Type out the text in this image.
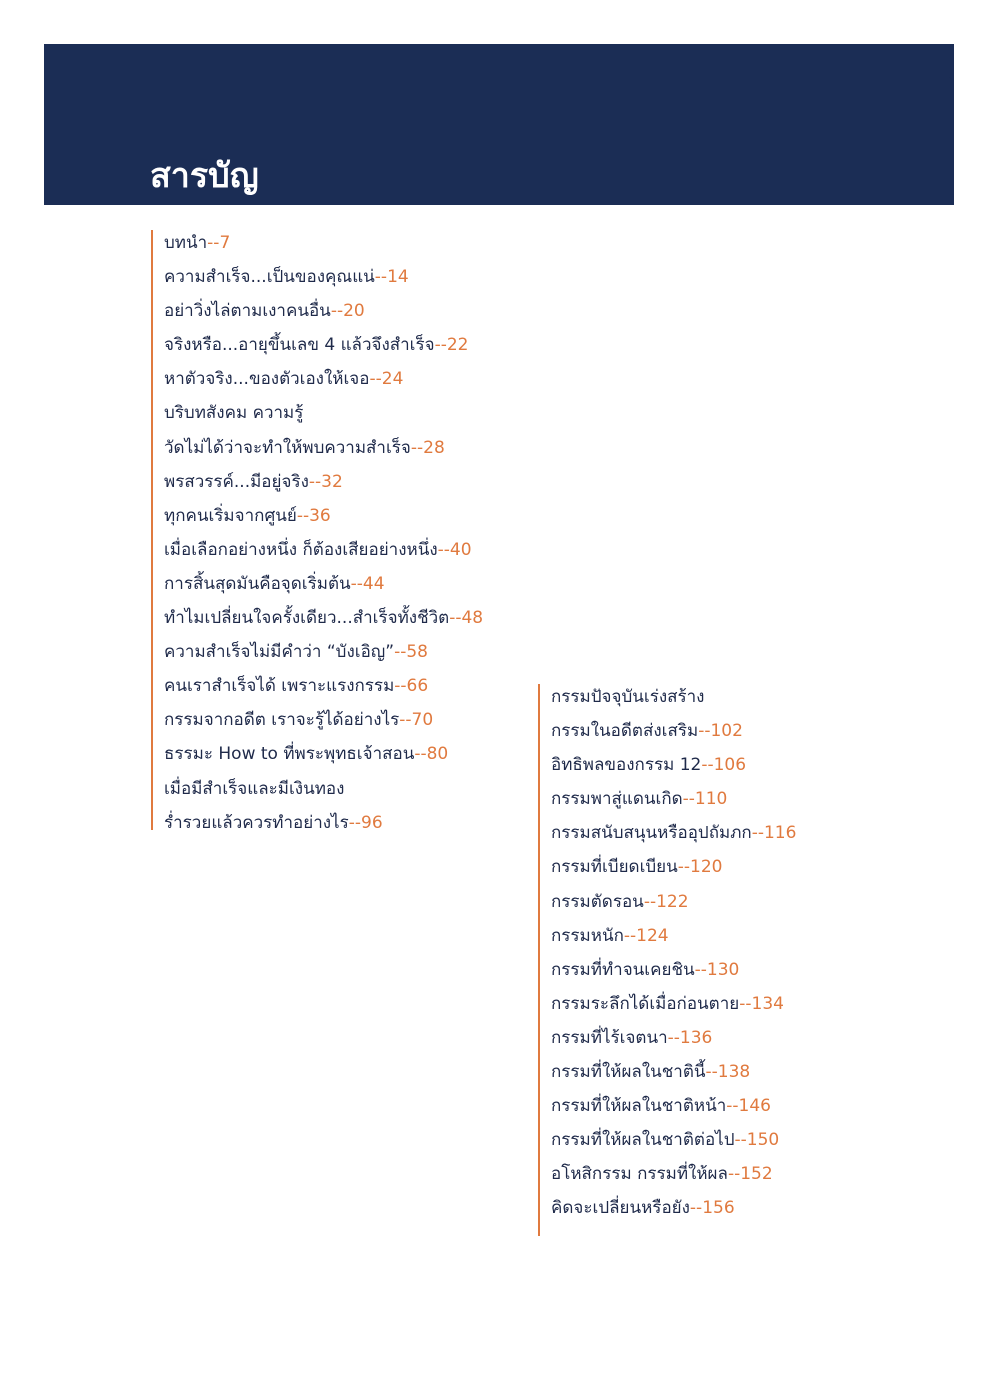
สารบัญ
`
บทนำ--7
ความสำเร็จ...เป็นของคุณแน่--14
อย่าวิ่งไล่ตามเงาคนอื่น--20
จริงหรือ...อายุขึ้นเลข 4 แล้วจึงสำเร็จ--22
หาตัวจริง...ของตัวเองให้เจอ--24
บริบทสังคม ความรู้
วัดไม่ได้ว่าจะทำให้พบความสำเร็จ--28
พรสวรรค์...มีอยู่จริง--32
ทุกคนเริ่มจากศูนย์--36
เมื่อเลือกอย่างหนึ่ง ก็ต้องเสียอย่างหนึ่ง--40
การสิ้นสุดมันคือจุดเริ่มต้น--44
ทำไมเปลี่ยนใจครั้งเดียว...สำเร็จทั้งชีวิต--48
ความสำเร็จไม่มีคำว่า “บังเอิญ”--58
คนเราสำเร็จได้ เพราะแรงกรรม--66
กรรมจากอดีต เราจะรู้ได้อย่างไร--70
ธรรมะ How to ที่พระพุทธเจ้าสอน--80
เมื่อมีสำเร็จและมีเงินทอง
ร่ำรวยแล้วควรทำอย่างไร--96
กรรมปัจจุบันเร่งสร้าง
กรรมในอดีตส่งเสริม--102
อิทธิพลของกรรม 12--106
กรรมพาสู่แดนเกิด--110
กรรมสนับสนุนหรืออุปถัมภก--116
กรรมที่เบียดเบียน--120
กรรมตัดรอน--122
กรรมหนัก--124
กรรมที่ทำจนเคยชิน--130
กรรมระลึกได้เมื่อก่อนตาย--134
กรรมที่ไร้เจตนา--136
กรรมที่ให้ผลในชาตินี้--138
กรรมที่ให้ผลในชาติหน้า--146
กรรมที่ให้ผลในชาติต่อไป--150
อโหสิกรรม กรรมที่ให้ผล--152
คิดจะเปลี่ยนหรือยัง--156
